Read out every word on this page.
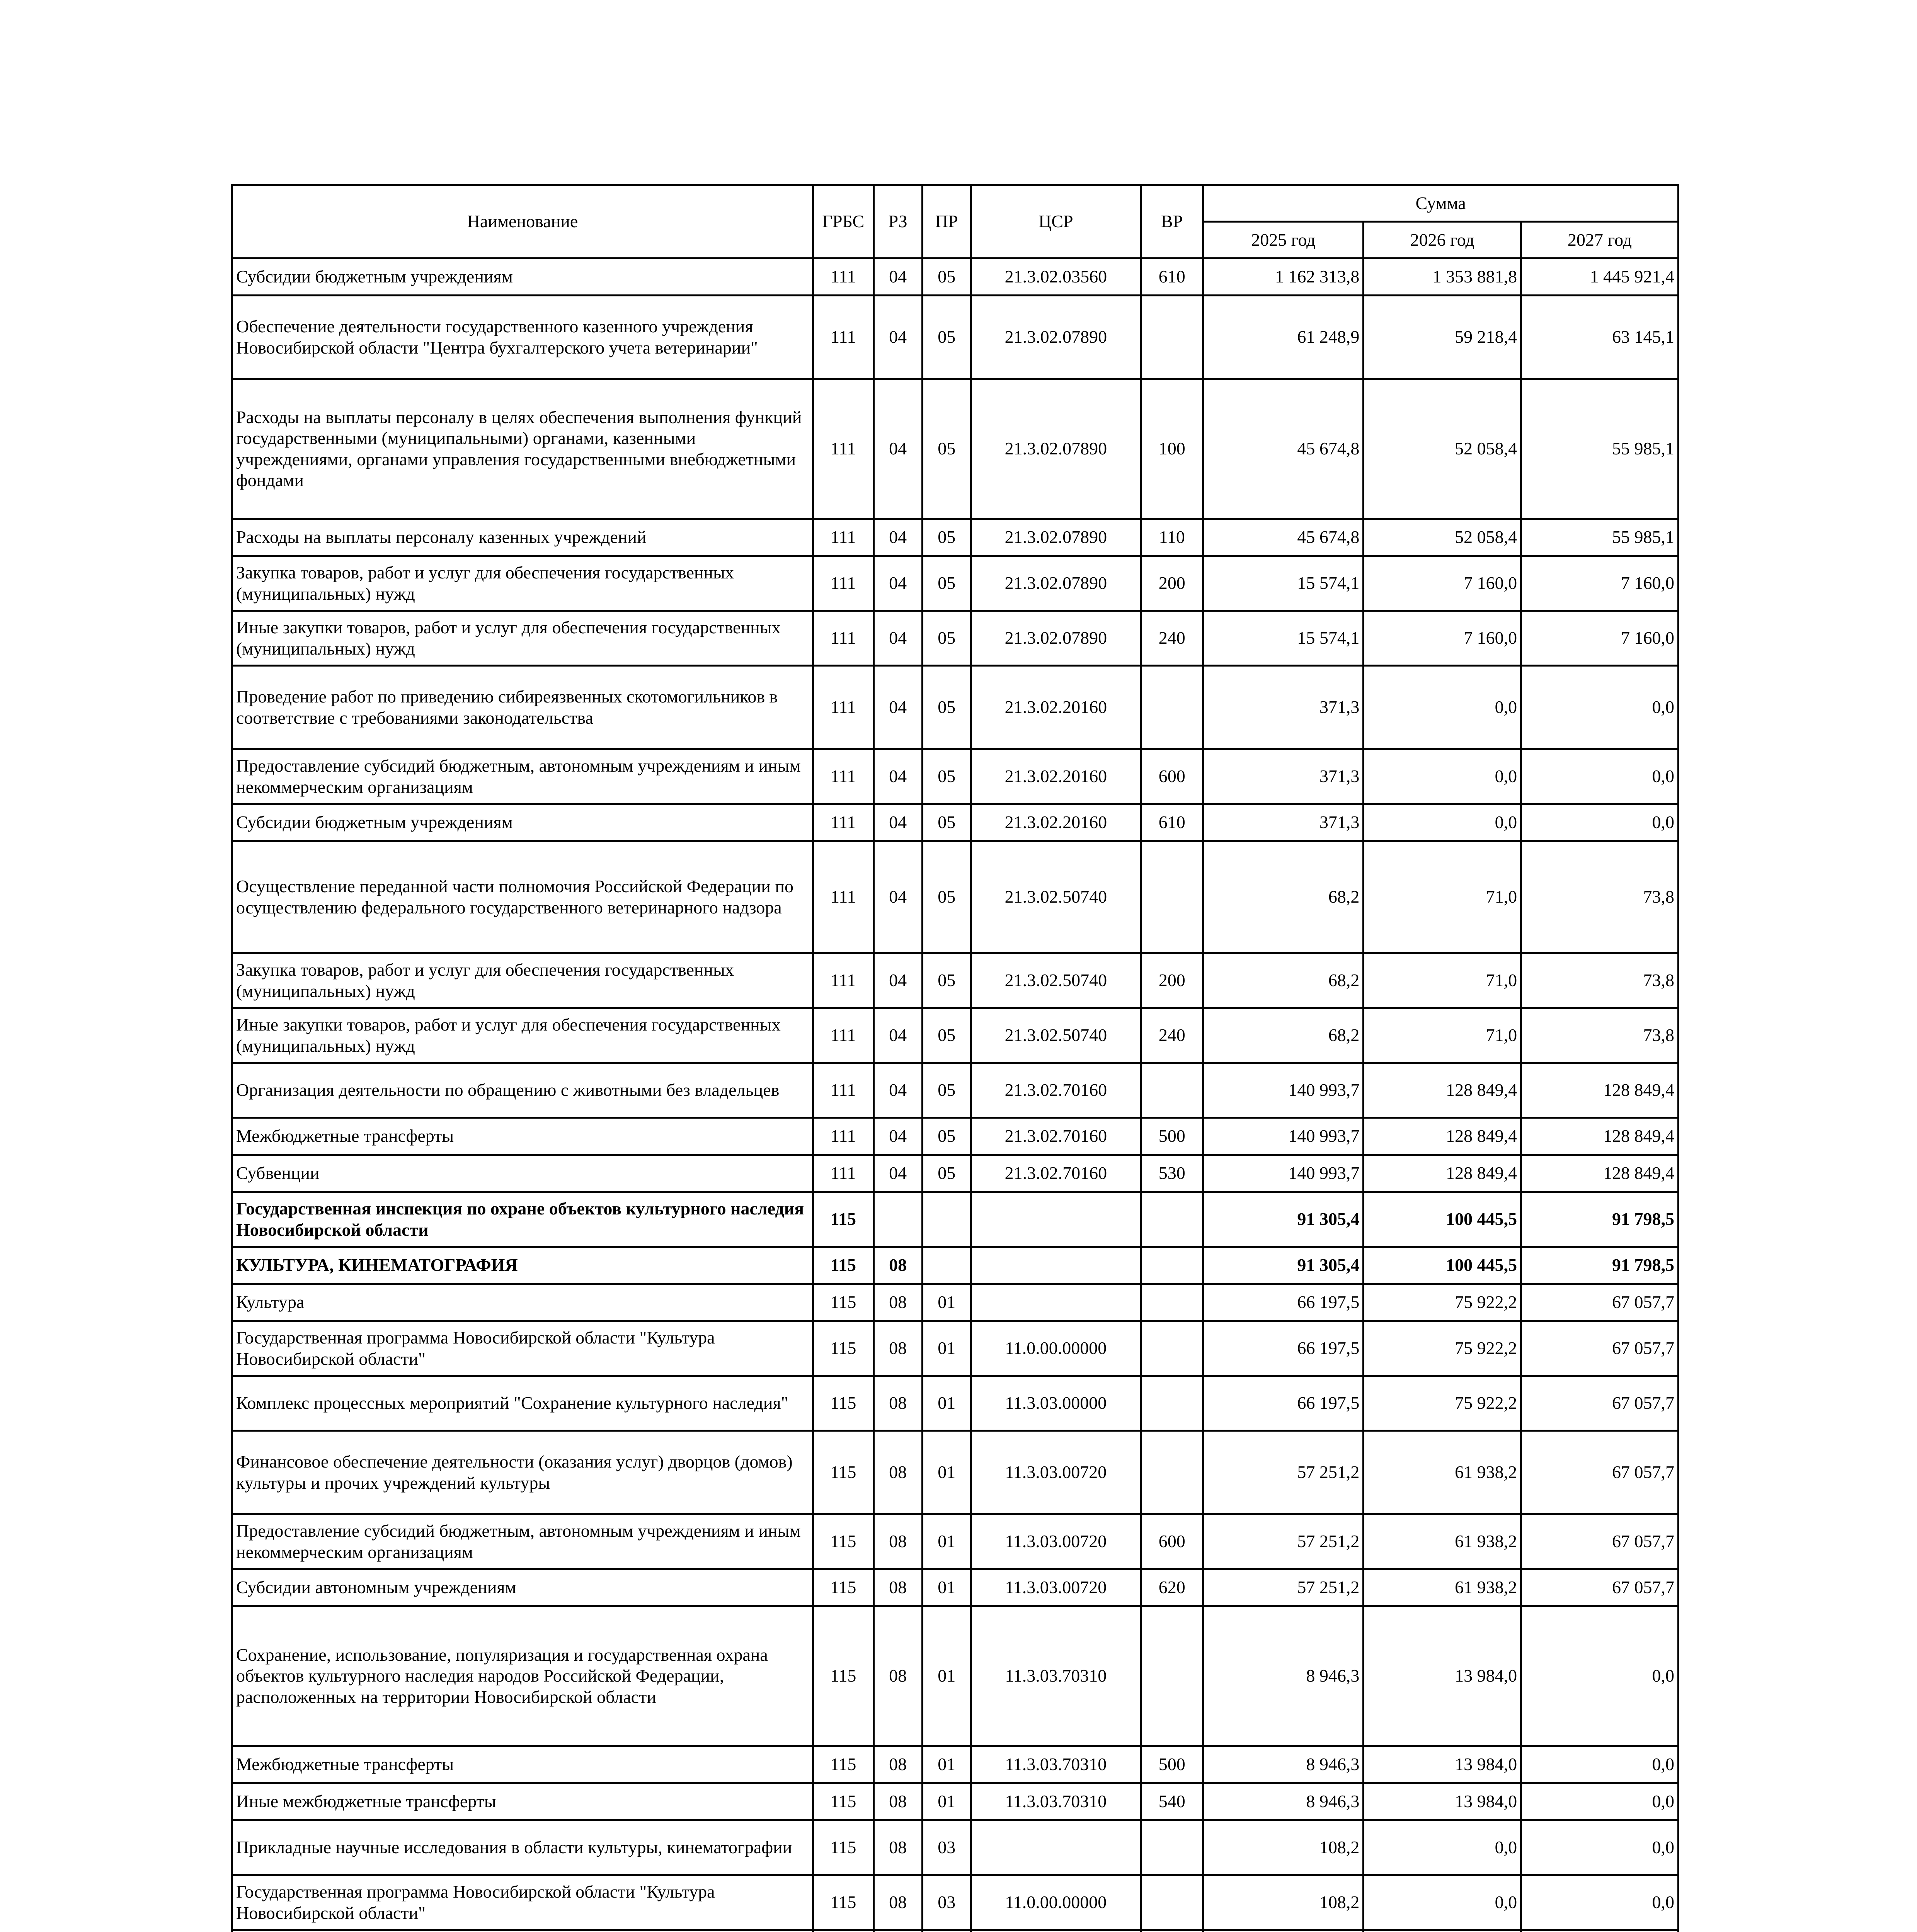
Наименование	ГРБС	РЗ	ПР	ЦСР	ВР	Сумма		
						2025 год	2026 год	2027 год
Субсидии бюджетным учреждениям	111	04	05	21.3.02.03560	610	1 162 313,8	1 353 881,8	1 445 921,4
Обеспечение деятельности государственного казенного учреждения Новосибирской области "Центра бухгалтерского учета ветеринарии"	111	04	05	21.3.02.07890		61 248,9	59 218,4	63 145,1
Расходы на выплаты персоналу в целях обеспечения выполнения функций государственными (муниципальными) органами, казенными учреждениями, органами управления государственными внебюджетными фондами	111	04	05	21.3.02.07890	100	45 674,8	52 058,4	55 985,1
Расходы на выплаты персоналу казенных учреждений	111	04	05	21.3.02.07890	110	45 674,8	52 058,4	55 985,1
Закупка товаров, работ и услуг для обеспечения государственных (муниципальных) нужд	111	04	05	21.3.02.07890	200	15 574,1	7 160,0	7 160,0
Иные закупки товаров, работ и услуг для обеспечения государственных (муниципальных) нужд	111	04	05	21.3.02.07890	240	15 574,1	7 160,0	7 160,0
Проведение работ по приведению сибиреязвенных скотомогильников в соответствие с требованиями законодательства	111	04	05	21.3.02.20160		371,3	0,0	0,0
Предоставление субсидий бюджетным, автономным учреждениям и иным некоммерческим организациям	111	04	05	21.3.02.20160	600	371,3	0,0	0,0
Субсидии бюджетным учреждениям	111	04	05	21.3.02.20160	610	371,3	0,0	0,0
Осуществление переданной части полномочия Российской Федерации по осуществлению федерального государственного ветеринарного надзора	111	04	05	21.3.02.50740		68,2	71,0	73,8
Закупка товаров, работ и услуг для обеспечения государственных (муниципальных) нужд	111	04	05	21.3.02.50740	200	68,2	71,0	73,8
Иные закупки товаров, работ и услуг для обеспечения государственных (муниципальных) нужд	111	04	05	21.3.02.50740	240	68,2	71,0	73,8
Организация деятельности по обращению с животными без владельцев	111	04	05	21.3.02.70160		140 993,7	128 849,4	128 849,4
Межбюджетные трансферты	111	04	05	21.3.02.70160	500	140 993,7	128 849,4	128 849,4
Субвенции	111	04	05	21.3.02.70160	530	140 993,7	128 849,4	128 849,4
Государственная инспекция по охране объектов культурного наследия Новосибирской области	115					91 305,4	100 445,5	91 798,5
КУЛЬТУРА, КИНЕМАТОГРАФИЯ	115	08				91 305,4	100 445,5	91 798,5
Культура	115	08	01			66 197,5	75 922,2	67 057,7
Государственная программа Новосибирской области "Культура Новосибирской области"	115	08	01	11.0.00.00000		66 197,5	75 922,2	67 057,7
Комплекс процессных мероприятий "Сохранение культурного наследия"	115	08	01	11.3.03.00000		66 197,5	75 922,2	67 057,7
Финансовое обеспечение деятельности (оказания услуг) дворцов (домов) культуры и прочих учреждений культуры	115	08	01	11.3.03.00720		57 251,2	61 938,2	67 057,7
Предоставление субсидий бюджетным, автономным учреждениям и иным некоммерческим организациям	115	08	01	11.3.03.00720	600	57 251,2	61 938,2	67 057,7
Субсидии автономным учреждениям	115	08	01	11.3.03.00720	620	57 251,2	61 938,2	67 057,7
Сохранение, использование, популяризация и государственная охрана объектов культурного наследия народов Российской Федерации, расположенных на территории Новосибирской области	115	08	01	11.3.03.70310		8 946,3	13 984,0	0,0
Межбюджетные трансферты	115	08	01	11.3.03.70310	500	8 946,3	13 984,0	0,0
Иные межбюджетные трансферты	115	08	01	11.3.03.70310	540	8 946,3	13 984,0	0,0
Прикладные научные исследования в области культуры, кинематографии	115	08	03			108,2	0,0	0,0
Государственная программа Новосибирской области "Культура Новосибирской области"	115	08	03	11.0.00.00000		108,2	0,0	0,0
